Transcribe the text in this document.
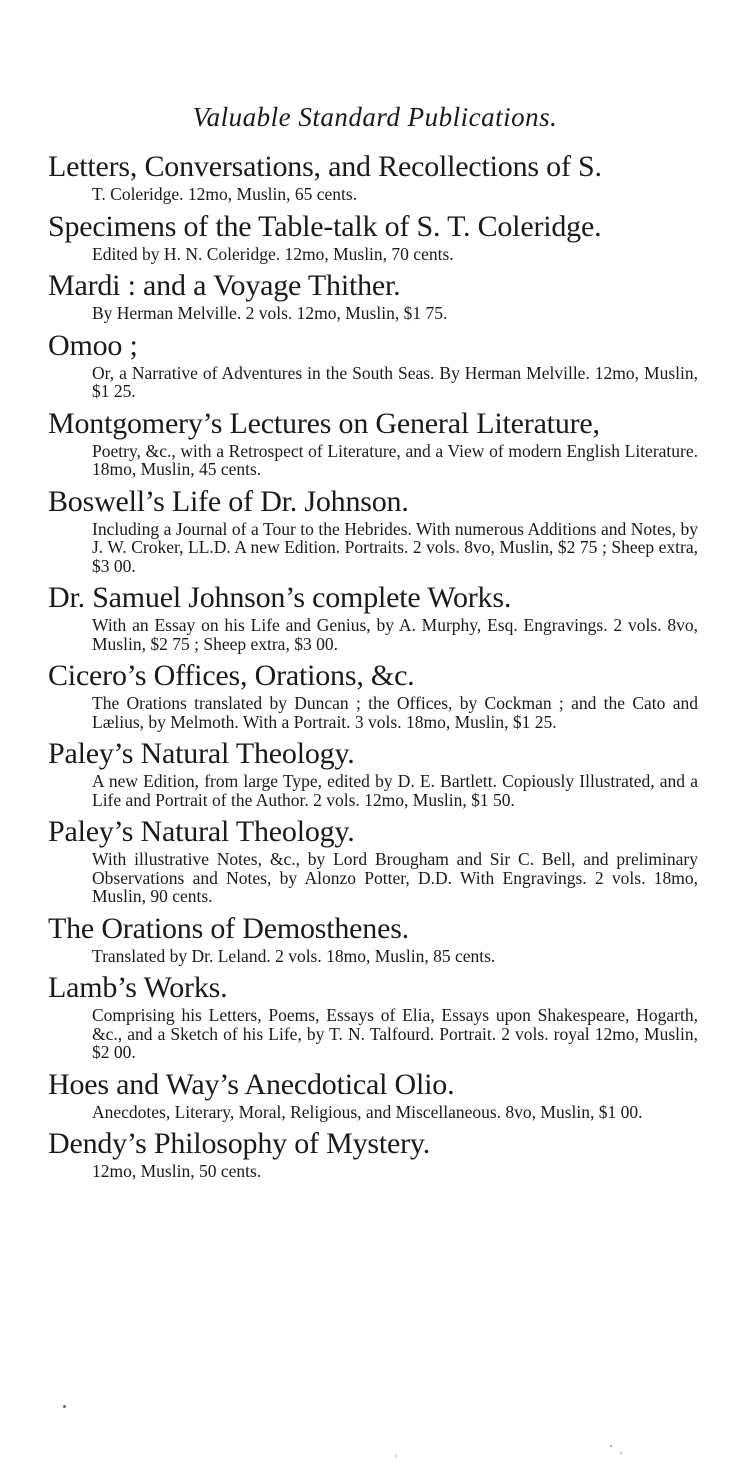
Valuable Standard Publications.
Letters, Conversations, and Recollections of S.
T. Coleridge. 12mo, Muslin, 65 cents.
Specimens of the Table-talk of S. T. Coleridge.
Edited by H. N. Coleridge. 12mo, Muslin, 70 cents.
Mardi : and a Voyage Thither.
By Herman Melville. 2 vols. 12mo, Muslin, $1 75.
Omoo ;
Or, a Narrative of Adventures in the South Seas. By Herman Melville. 12mo, Muslin, $1 25.
Montgomery’s Lectures on General Literature,
Poetry, &c., with a Retrospect of Literature, and a View of modern English Literature. 18mo, Muslin, 45 cents.
Boswell’s Life of Dr. Johnson.
Including a Journal of a Tour to the Hebrides. With numerous Additions and Notes, by J. W. Croker, LL.D. A new Edition. Portraits. 2 vols. 8vo, Muslin, $2 75 ; Sheep extra, $3 00.
Dr. Samuel Johnson’s complete Works.
With an Essay on his Life and Genius, by A. Murphy, Esq. Engravings. 2 vols. 8vo, Muslin, $2 75 ; Sheep extra, $3 00.
Cicero’s Offices, Orations, &c.
The Orations translated by Duncan ; the Offices, by Cockman ; and the Cato and Lælius, by Melmoth. With a Portrait. 3 vols. 18mo, Muslin, $1 25.
Paley’s Natural Theology.
A new Edition, from large Type, edited by D. E. Bartlett. Copiously Illustrated, and a Life and Portrait of the Author. 2 vols. 12mo, Muslin, $1 50.
Paley’s Natural Theology.
With illustrative Notes, &c., by Lord Brougham and Sir C. Bell, and preliminary Observations and Notes, by Alonzo Potter, D.D. With Engravings. 2 vols. 18mo, Muslin, 90 cents.
The Orations of Demosthenes.
Translated by Dr. Leland. 2 vols. 18mo, Muslin, 85 cents.
Lamb’s Works.
Comprising his Letters, Poems, Essays of Elia, Essays upon Shakespeare, Hogarth, &c., and a Sketch of his Life, by T. N. Talfourd. Portrait. 2 vols. royal 12mo, Muslin, $2 00.
Hoes and Way’s Anecdotical Olio.
Anecdotes, Literary, Moral, Religious, and Miscellaneous. 8vo, Muslin, $1 00.
Dendy’s Philosophy of Mystery.
12mo, Muslin, 50 cents.
